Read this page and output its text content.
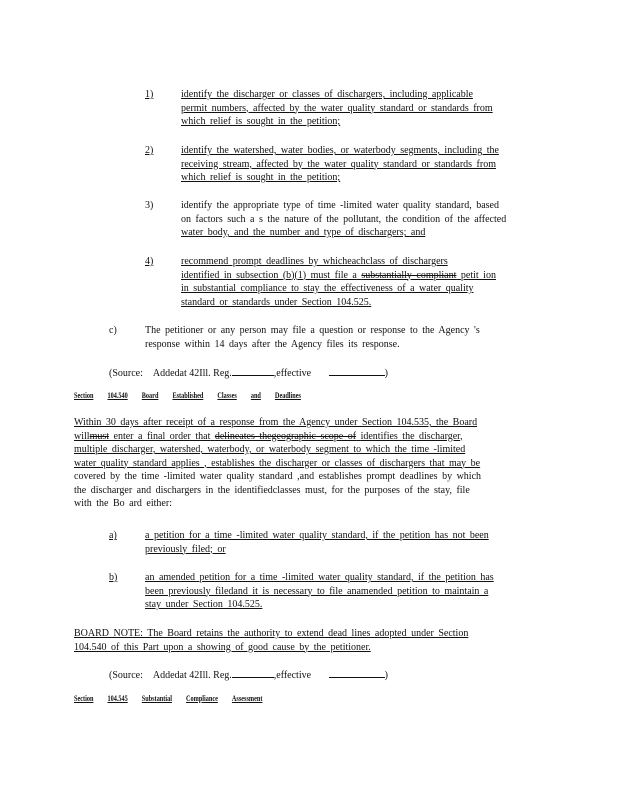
1)	identify the discharger or classes of dischargers, including applicable
permit numbers, affected by the water quality standard or standards from
which relief is sought in the petition;
2)	identify the watershed, water bodies, or waterbody segments, including the
receiving stream, affected by the water quality standard or standards from
which relief is sought in the petition;
3)	identify the appropriate type of time -limited water quality standard, based
on factors such a s the nature of the pollutant, the condition of the affected
water body, and the number and type of dischargers; and
4)	recommend prompt deadlines by whicheachclass of dischargers
identified in subsection (b)(1) must file a substantially compliant petit ion
in substantial compliance to stay the effectiveness of a water quality
standard or standards under Section 104.525.
c)	The petitioner or any person may file a question or response to the Agency 's
response within 14 days after the Agency files its response.
(Source: Addedat 42Ill. Reg.	,effective	)
Section 104.540 Board Established Classes and Deadlines
Within 30 days after receipt of a response from the Agency under Section 104.535, the Board
willmust enter a final order that delineates thegeographic scope of identifies the discharger,
multiple discharger, watershed, waterbody, or waterbody segment to which the time -limited
water quality standard applies , establishes the discharger or classes of dischargers that may be
covered by the time -limited water quality standard ,and establishes prompt deadlines by which
the discharger and dischargers in the identifiedclasses must, for the purposes of the stay, file
with the Bo ard either:
a)	a petition for a time -limited water quality standard, if the petition has not been
previously filed; or
b)	an amended petition for a time -limited water quality standard, if the petition has
been previously filedand it is necessary to file anamended petition to maintain a
stay under Section 104.525.
BOARD NOTE: The Board retains the authority to extend dead lines adopted under Section
104.540 of this Part upon a showing of good cause by the petitioner.
(Source: Addedat 42Ill. Reg.	,effective	)
Section 104.545 Substantial Compliance Assessment
